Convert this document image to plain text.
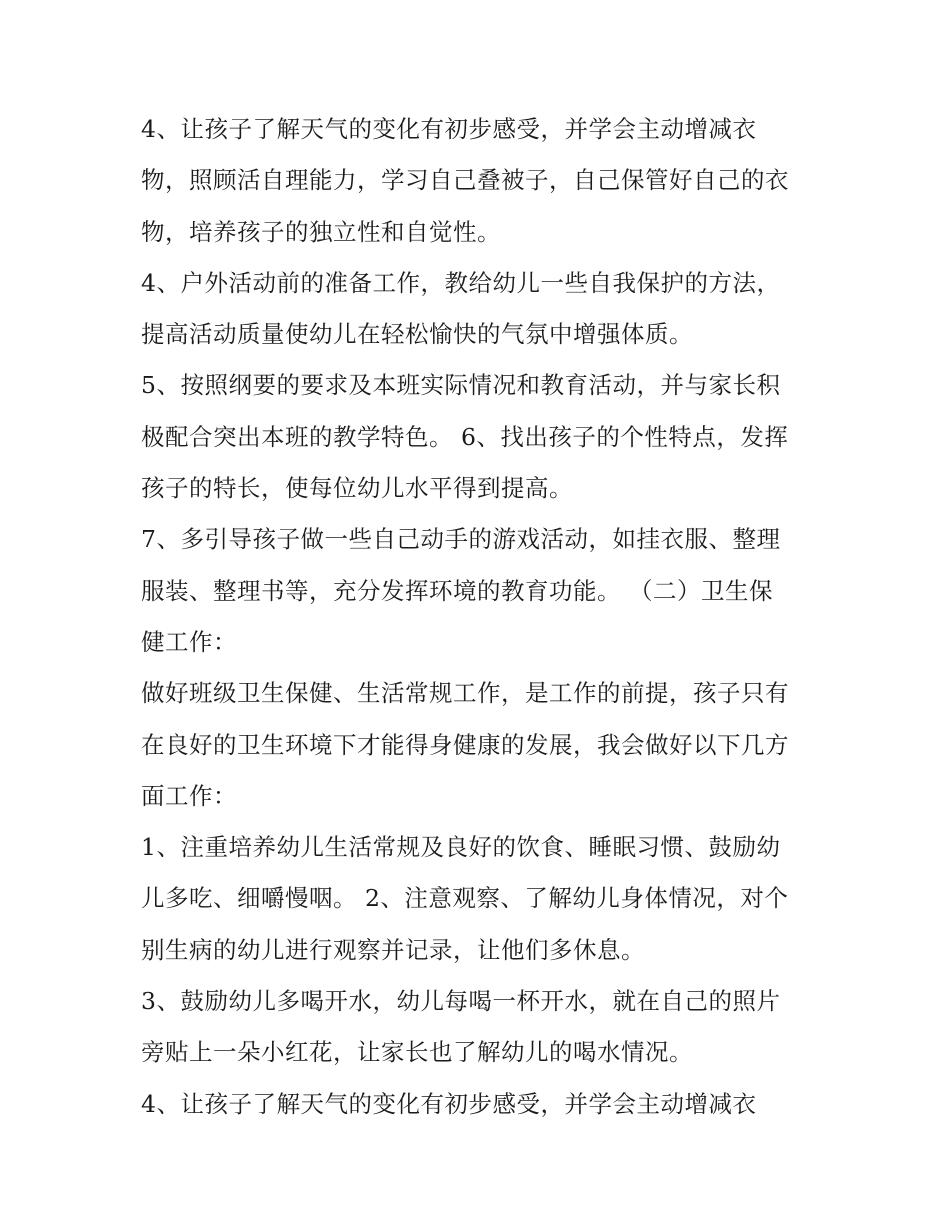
4、让孩子了解天气的变化有初步感受，并学会主动增减衣
物，照顾活自理能力，学习自己叠被子，自己保管好自己的衣
物，培养孩子的独立性和自觉性。
4、户外活动前的准备工作，教给幼儿一些自我保护的方法，
提高活动质量使幼儿在轻松愉快的气氛中增强体质。
5、按照纲要的要求及本班实际情况和教育活动，并与家长积
极配合突出本班的教学特色。 6、找出孩子的个性特点，发挥
孩子的特长，使每位幼儿水平得到提高。
7、多引导孩子做一些自己动手的游戏活动，如挂衣服、整理
服装、整理书等，充分发挥环境的教育功能。 （二）卫生保
健工作：
做好班级卫生保健、生活常规工作，是工作的前提，孩子只有
在良好的卫生环境下才能得身健康的发展，我会做好以下几方
面工作：
1、注重培养幼儿生活常规及良好的饮食、睡眠习惯、鼓励幼
儿多吃、细嚼慢咽。 2、注意观察、了解幼儿身体情况，对个
别生病的幼儿进行观察并记录，让他们多休息。
3、鼓励幼儿多喝开水，幼儿每喝一杯开水，就在自己的照片
旁贴上一朵小红花，让家长也了解幼儿的喝水情况。
4、让孩子了解天气的变化有初步感受，并学会主动增减衣
